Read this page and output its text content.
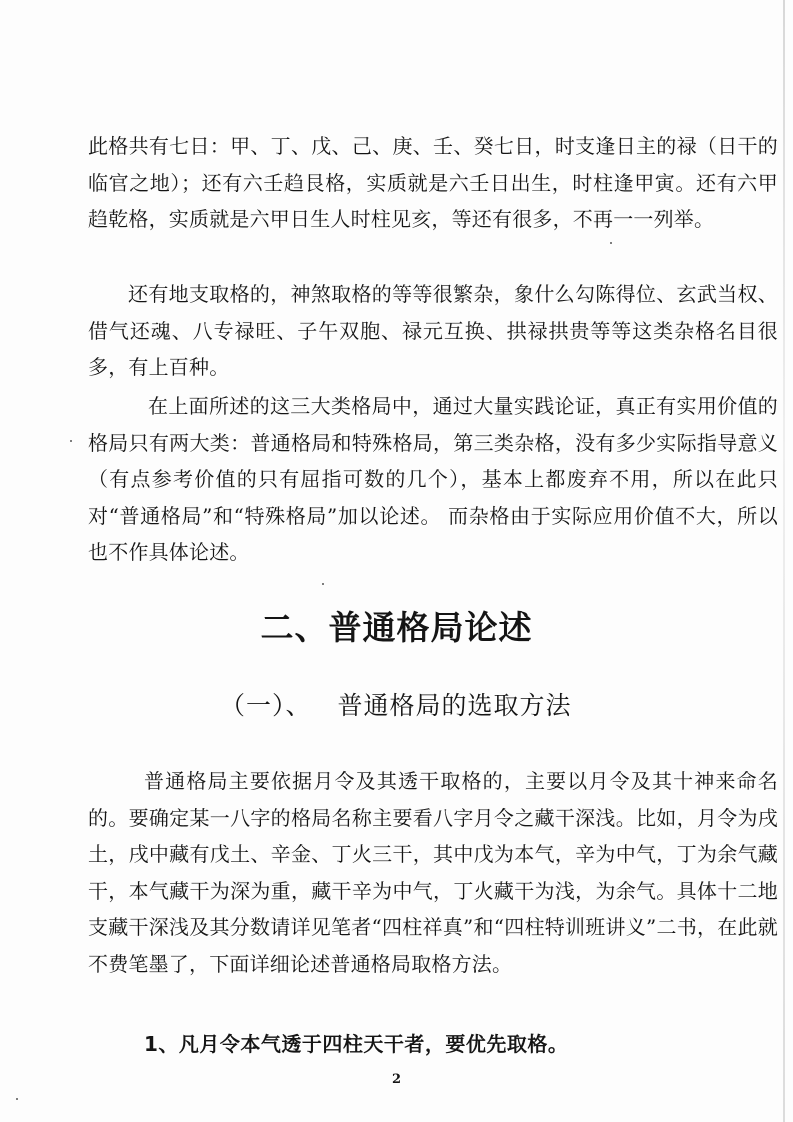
此格共有七日：甲、丁、戊、己、庚、壬、癸七日，时支逢日主的禄（日干的临官之地）；还有六壬趋艮格，实质就是六壬日出生，时柱逢甲寅。还有六甲趋乾格，实质就是六甲日生人时柱见亥，等还有很多，不再一一列举。

还有地支取格的，神煞取格的等等很繁杂，象什么勾陈得位、玄武当权、借气还魂、八专禄旺、子午双胞、禄元互换、拱禄拱贵等等这类杂格名目很多，有上百种。

在上面所述的这三大类格局中，通过大量实践论证，真正有实用价值的格局只有两大类：普通格局和特殊格局，第三类杂格，没有多少实际指导意义（有点参考价值的只有屈指可数的几个），基本上都废弃不用，所以在此只对“普通格局”和“特殊格局”加以论述。 而杂格由于实际应用价值不大，所以也不作具体论述。

二、普通格局论述
（一）、 普通格局的选取方法

普通格局主要依据月令及其透干取格的，主要以月令及其十神来命名的。要确定某一八字的格局名称主要看八字月令之藏干深浅。比如，月令为戌土，戌中藏有戊土、辛金、丁火三干，其中戊为本气，辛为中气，丁为余气藏干，本气藏干为深为重，藏干辛为中气，丁火藏干为浅，为余气。具体十二地支藏干深浅及其分数请详见笔者“四柱祥真”和“四柱特训班讲义”二书，在此就不费笔墨了，下面详细论述普通格局取格方法。

1、凡月令本气透于四柱天干者，要优先取格。

2
